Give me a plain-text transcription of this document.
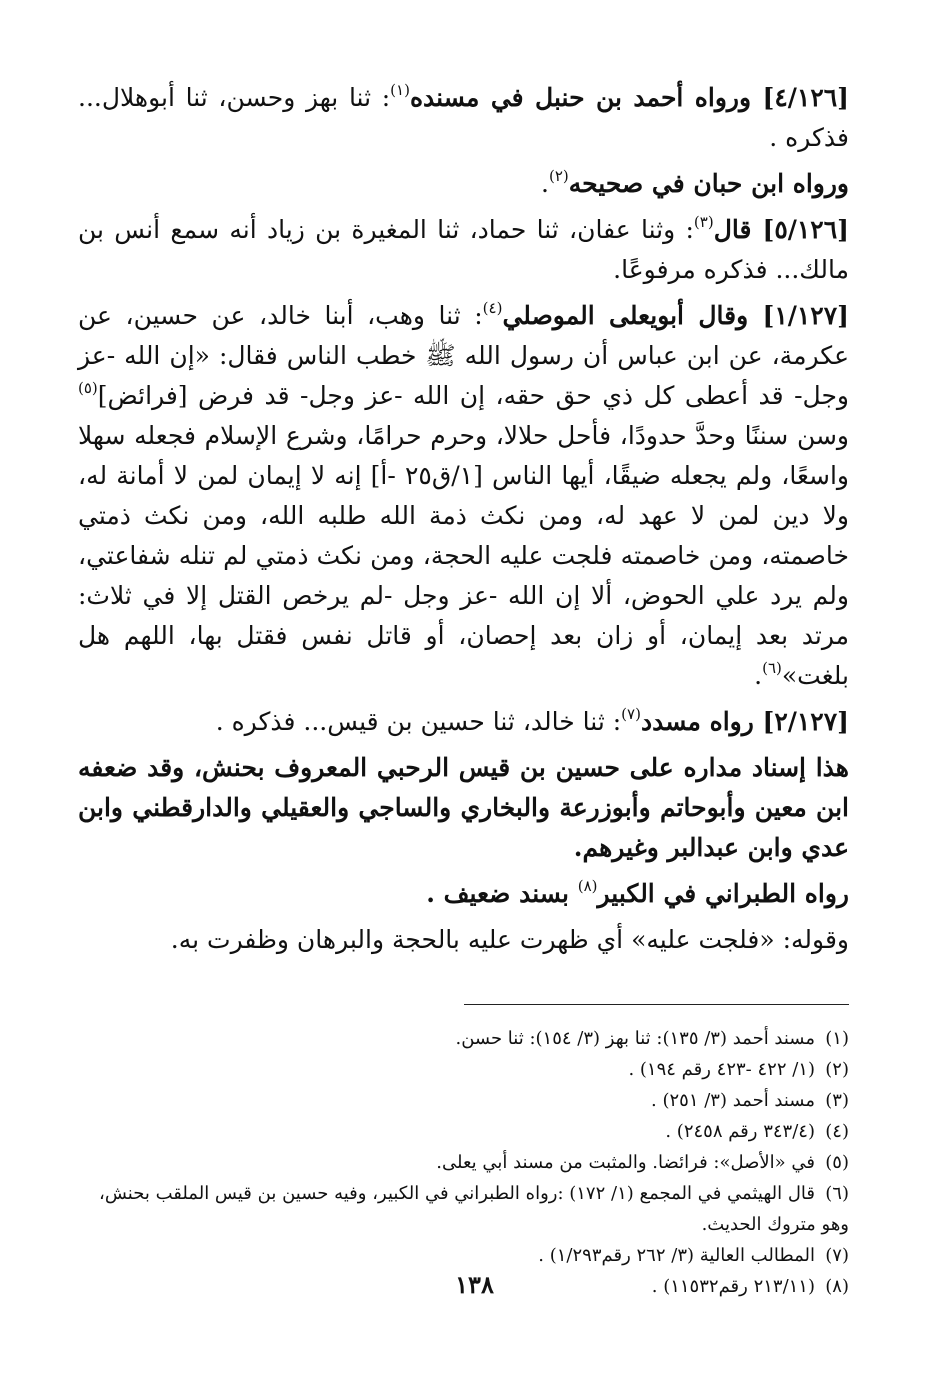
[٤/١٢٦] ورواه أحمد بن حنبل في مسنده$^{(١)}$: ثنا بهز وحسن، ثنا أبوهلال... فذكره .

ورواه ابن حبان في صحيحه$^{(٢)}$.

[٥/١٢٦] قال$^{(٣)}$: وثنا عفان، ثنا حماد، ثنا المغيرة بن زياد أنه سمع أنس بن مالك... فذكره مرفوعًا.

[١/١٢٧] وقال أبويعلى الموصلي$^{(٤)}$: ثنا وهب، أبنا خالد، عن حسين، عن عكرمة، عن ابن عباس أن رسول الله ﷺ خطب الناس فقال: «إن الله -عز وجل- قد أعطى كل ذي حق حقه، إن الله -عز وجل- قد فرض [فرائض]$^{(٥)}$ وسن سننًا وحدَّ حدودًا، فأحل حلالا، وحرم حرامًا، وشرع الإسلام فجعله سهلا واسعًا، ولم يجعله ضيقًا، أيها الناس [١/ق٢٥ -أ] إنه لا إيمان لمن لا أمانة له، ولا دين لمن لا عهد له، ومن نكث ذمة الله طلبه الله، ومن نكث ذمتي خاصمته، ومن خاصمته فلجت عليه الحجة، ومن نكث ذمتي لم تنله شفاعتي، ولم يرد علي الحوض، ألا إن الله -عز وجل -لم يرخص القتل إلا في ثلاث: مرتد بعد إيمان، أو زان بعد إحصان، أو قاتل نفس فقتل بها، اللهم هل بلغت»$^{(٦)}$.

[٢/١٢٧] رواه مسدد$^{(٧)}$: ثنا خالد، ثنا حسين بن قيس... فذكره .

هذا إسناد مداره على حسين بن قيس الرحبي المعروف بحنش، وقد ضعفه ابن معين وأبوحاتم وأبوزرعة والبخاري والساجي والعقيلي والدارقطني وابن عدي وابن عبدالبر وغيرهم.

رواه الطبراني في الكبير$^{(٨)}$ بسند ضعيف .

وقوله: «فلجت عليه» أي ظهرت عليه بالحجة والبرهان وظفرت به.

(١)مسند أحمد (٣/ ١٣٥): ثنا بهز (٣/ ١٥٤): ثنا حسن.

(٢)(١/ ٤٢٢ -٤٢٣ رقم ١٩٤) .

(٣)مسند أحمد (٣/ ٢٥١) .

(٤)(٣٤٣/٤ رقم ٢٤٥٨) .

(٥)في «الأصل»: فرائضا. والمثبت من مسند أبي يعلى.

(٦)قال الهيثمي في المجمع (١/ ١٧٢) :رواه الطبراني في الكبير، وفيه حسين بن قيس الملقب بحنش،

وهو متروك الحديث.

(٧)المطالب العالية (٣/ ٢٦٢ رقم١/٢٩٣) .

(٨)(٢١٣/١١ رقم١١٥٣٢) .

١٣٨
